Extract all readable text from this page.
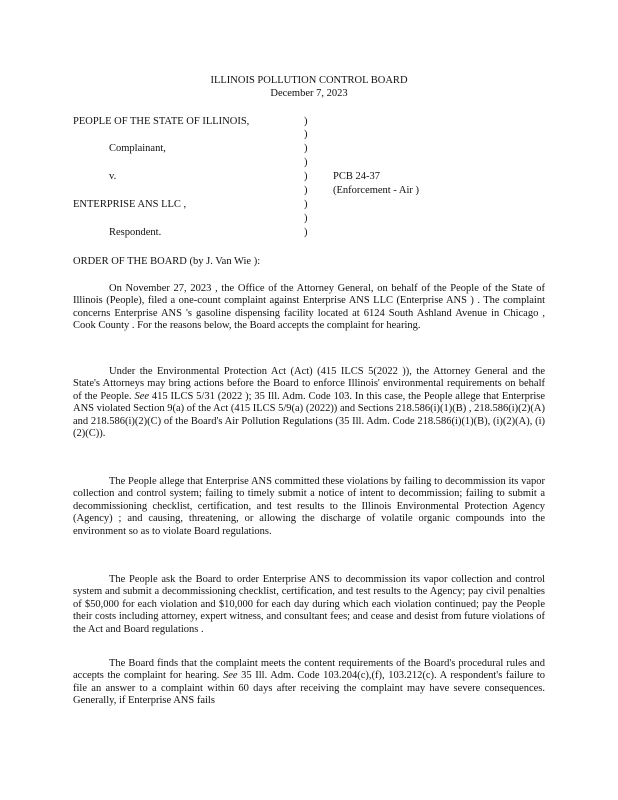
ILLINOIS POLLUTION CONTROL BOARD
December 7, 2023
PEOPLE OF THE STATE OF ILLINOIS,
Complainant,
v.
ENTERPRISE ANS LLC ,
Respondent.
)
)
)
)
)
)
)
)
)
PCB 24-37
(Enforcement - Air )
ORDER OF THE BOARD (by J. Van Wie ):

On November 27, 2023 , the Office of the Attorney General, on behalf of the People of the State of Illinois (People), filed a one-count complaint against Enterprise ANS LLC (Enterprise ANS ) . The complaint concerns Enterprise ANS 's gasoline dispensing facility located at 6124 South Ashland Avenue in Chicago , Cook County . For the reasons below, the Board accepts the complaint for hearing.

Under the Environmental Protection Act (Act) (415 ILCS 5(2022 )), the Attorney General and the State's Attorneys may bring actions before the Board to enforce Illinois' environmental requirements on behalf of the People. See 415 ILCS 5/31 (2022 ); 35 Ill. Adm. Code 103. In this case, the People allege that Enterprise ANS violated Section 9(a) of the Act (415 ILCS 5/9(a) (2022)) and Sections 218.586(i)(1)(B) , 218.586(i)(2)(A) and 218.586(i)(2)(C) of the Board's Air Pollution Regulations (35 Ill. Adm. Code 218.586(i)(1)(B), (i)(2)(A), (i)(2)(C)).

The People allege that Enterprise ANS committed these violations by failing to decommission its vapor collection and control system; failing to timely submit a notice of intent to decommission; failing to submit a decommissioning checklist, certification, and test results to the Illinois Environmental Protection Agency (Agency) ; and causing, threatening, or allowing the discharge of volatile organic compounds into the environment so as to violate Board regulations.

The People ask the Board to order Enterprise ANS to decommission its vapor collection and control system and submit a decommissioning checklist, certification, and test results to the Agency; pay civil penalties of $50,000 for each violation and $10,000 for each day during which each violation continued; pay the People their costs including attorney, expert witness, and consultant fees; and cease and desist from future violations of the Act and Board regulations .

The Board finds that the complaint meets the content requirements of the Board's procedural rules and accepts the complaint for hearing. See 35 Ill. Adm. Code 103.204(c),(f), 103.212(c). A respondent's failure to file an answer to a complaint within 60 days after receiving the complaint may have severe consequences. Generally, if Enterprise ANS fails
